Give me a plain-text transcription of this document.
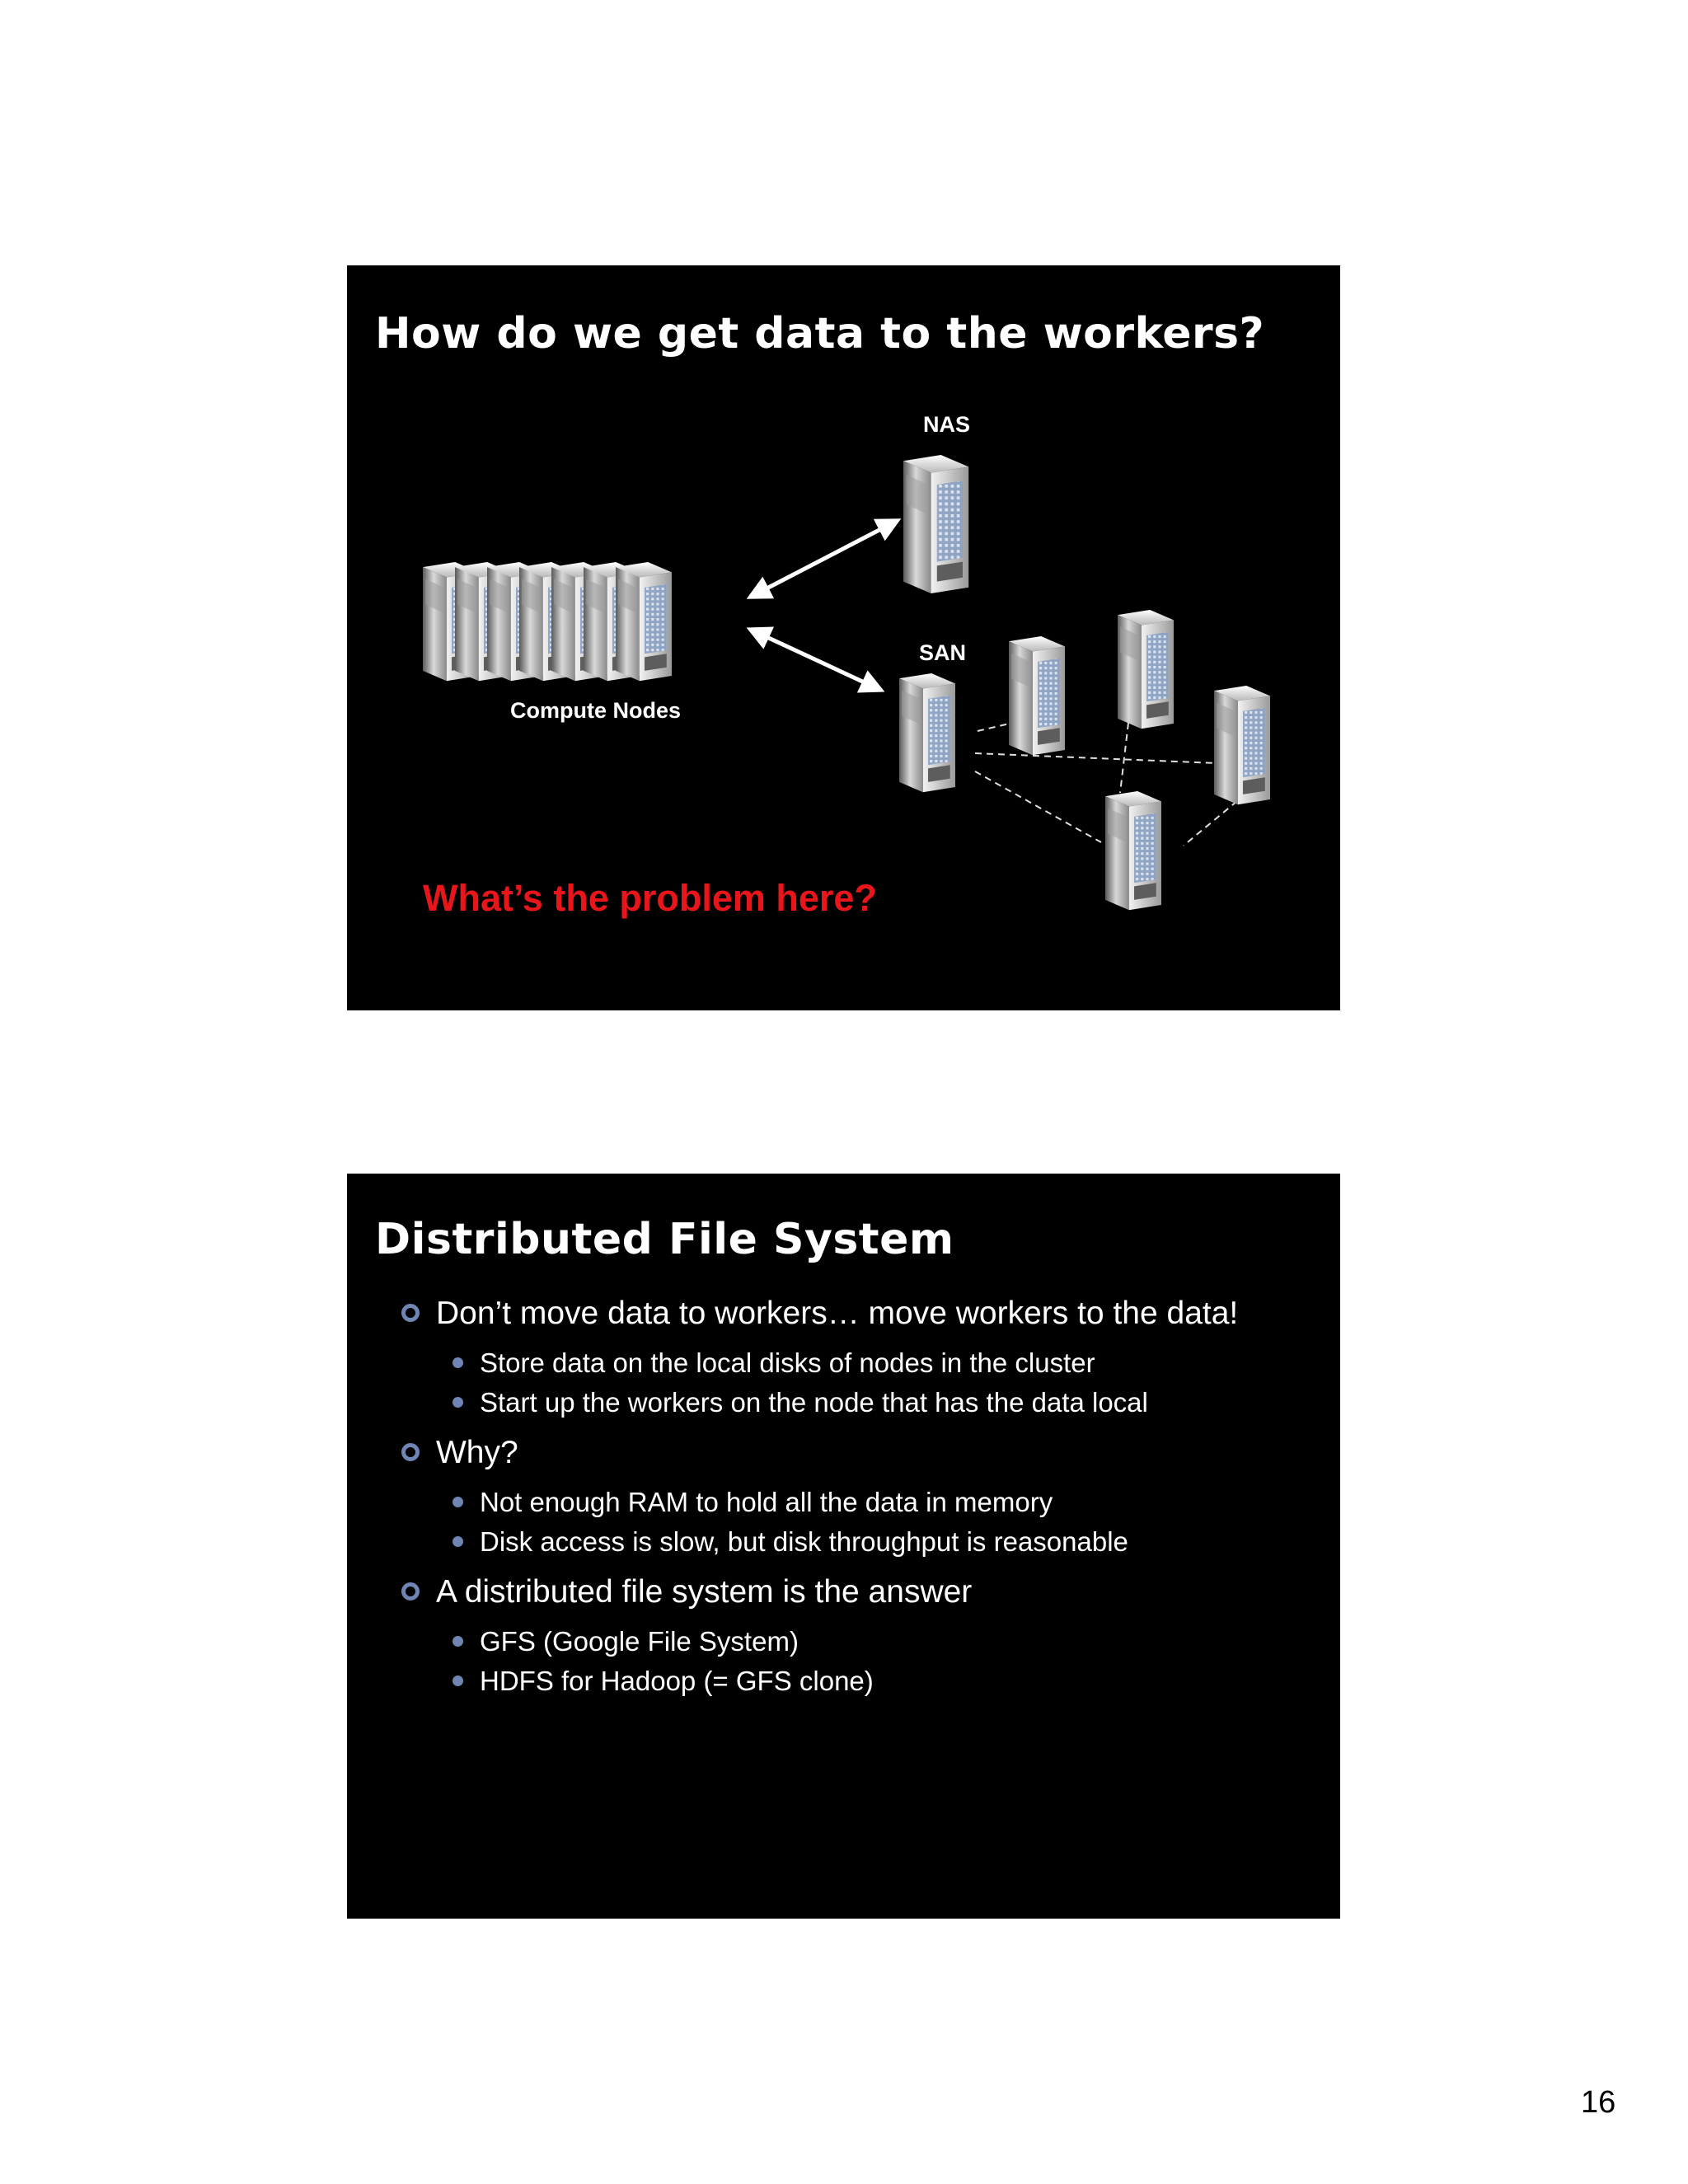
How do we get data to the workers?
NAS
SAN
Compute Nodes
What’s the problem here?
Distributed File System
Don’t move data to workers… move workers to the data!
Store data on the local disks of nodes in the cluster
Start up the workers on the node that has the data local
Why?
Not enough RAM to hold all the data in memory
Disk access is slow, but disk throughput is reasonable
A distributed file system is the answer
GFS (Google File System)
HDFS for Hadoop (= GFS clone)
16
